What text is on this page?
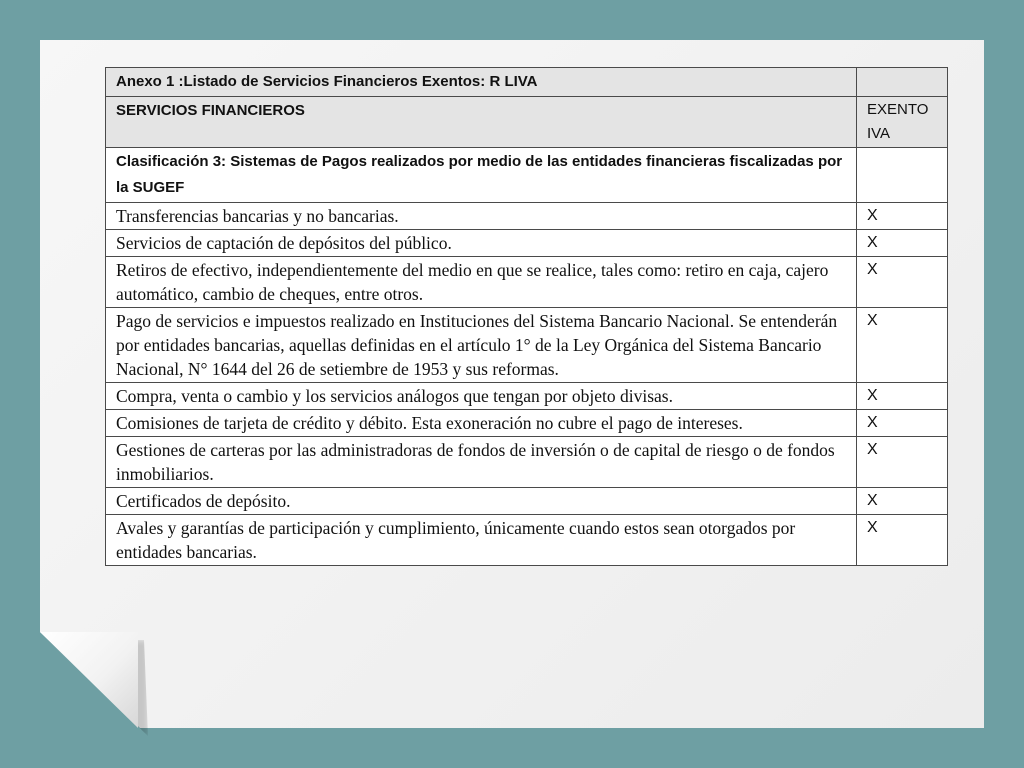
Anexo 1 :Listado de Servicios Financieros Exentos: R LIVA	
SERVICIOS FINANCIEROS	EXENTO
IVA
Clasificación 3: Sistemas de Pagos realizados por medio de las entidades financieras fiscalizadas por la SUGEF	
Transferencias bancarias y no bancarias.	X
Servicios de captación de depósitos del público.	X
Retiros de efectivo, independientemente del medio en que se realice, tales como: retiro en caja, cajero automático, cambio de cheques, entre otros.	X
Pago de servicios e impuestos realizado en Instituciones del Sistema Bancario Nacional. Se entenderán por entidades bancarias, aquellas definidas en el artículo 1° de la Ley Orgánica del Sistema Bancario Nacional, N° 1644 del 26 de setiembre de 1953 y sus reformas.	X
Compra, venta o cambio y los servicios análogos que tengan por objeto divisas.	X
Comisiones de tarjeta de crédito y débito. Esta exoneración no cubre el pago de intereses.	X
Gestiones de carteras por las administradoras de fondos de inversión o de capital de riesgo o de fondos inmobiliarios.	X
Certificados de depósito.	X
Avales y garantías de participación y cumplimiento, únicamente cuando estos sean otorgados por entidades bancarias.	X
